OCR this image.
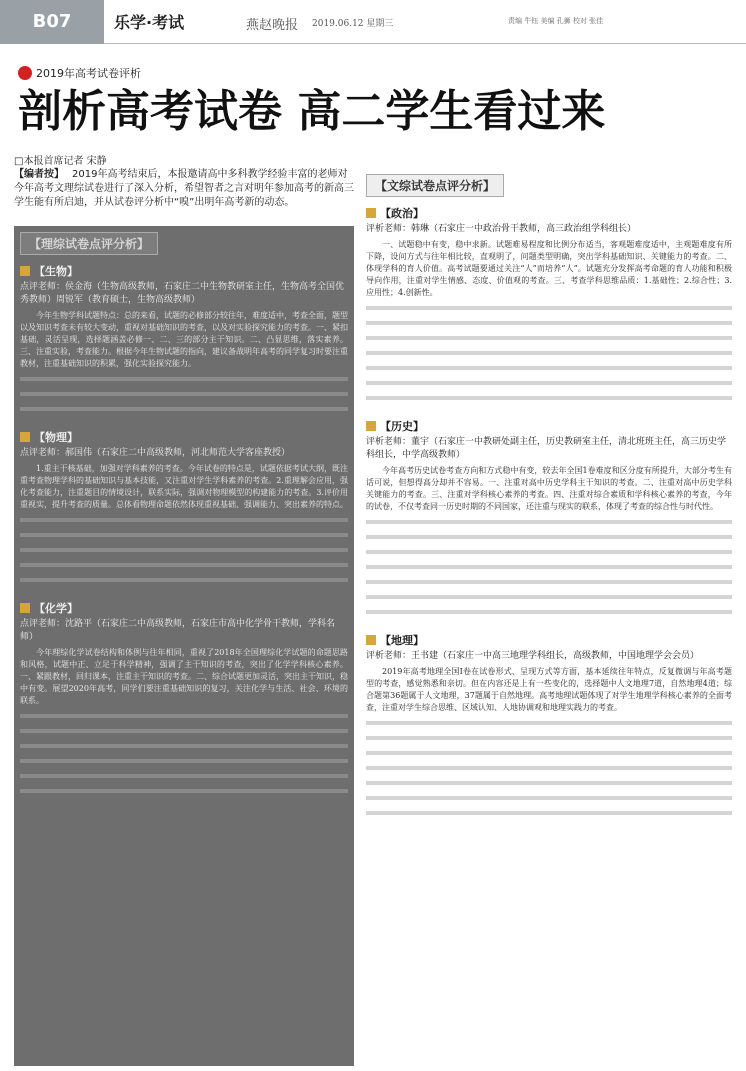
B07	乐学·考试	燕赵晚报 2019.06.12 星期三	责编 牛钰 美编 孔狮 校对 张佳
2019年高考试卷评析
剖析高考试卷 高二学生看过来
□本报首席记者 宋静
【编者按】 2019年高考结束后，本报邀请高中多科教学经验丰富的老师对今年高考文理综试卷进行了深入分析，希望智者之言对明年参加高考的新高三学生能有所启迪，并从试卷评分析中“嗅”出明年高考新的动态。
【理综试卷点评分析】
【生物】
点评老师：侯金海（生物高级教师，石家庄二中生物教研室主任，生物高考全国优秀教师）周锐军（教育硕士，生物高级教师）

今年生物学科试题特点：总的来看，试题的必修部分较往年，难度适中，考查全面，题型以及知识考查未有较大变动，重视对基础知识的考查，以及对实验探究能力的考查。一、紧扣基础，灵活呈现，选择题涵盖必修一、二、三的部分主干知识。二、凸显思维，落实素养。三、注重实验，考查能力。根据今年生物试题的指向，建议备战明年高考的同学复习时要注重教材，注重基础知识的积累，强化实验探究能力。

【物理】
点评老师：郝国伟（石家庄二中高级教师，河北师范大学客座教授）

1.重主干核基础，加强对学科素养的考查。今年试卷的特点是，试题依据考试大纲，既注重考查物理学科的基础知识与基本技能，又注重对学生学科素养的考查。2.重理解会应用，强化考查能力，注重题目的情境设计，联系实际，强调对物理模型的构建能力的考查。3.评价用重视实，提升考查的质量。总体看物理命题依然体现重视基础、强调能力、突出素养的特点。

【化学】
点评老师：沈路平（石家庄二中高级教师，石家庄市高中化学骨干教师，学科名师）

今年理综化学试卷结构和体例与往年相同，重视了2018年全国理综化学试题的命题思路和风格，试题中正、立足于科学精神，强调了主干知识的考查，突出了化学学科核心素养。一、紧跟教材，回归课本，注重主干知识的考查。二、综合试题更加灵活，突出主干知识，稳中有变。展望2020年高考，同学们要注重基础知识的复习，关注化学与生活、社会、环境的联系。

【文综试卷点评分析】
【政治】
评析老师：韩琳（石家庄一中政治骨干教师，高三政治组学科组长）

一、试题稳中有变，稳中求新。试题难易程度和比例分布适当，客观题难度适中，主观题难度有所下降，设问方式与往年相比较，直观明了，问题类型明确，突出学科基础知识、关键能力的考查。二、体现学科的育人价值。高考试题要通过关注“人”而培养“人”。试题充分发挥高考命题的育人功能和积极导向作用，注重对学生情感、态度、价值观的考查。三、考查学科思维品质：1.基础性；2.综合性；3.应用性；4.创新性。

【历史】
评析老师：董宇（石家庄一中教研处副主任，历史教研室主任，清北班班主任，高三历史学科组长，中学高级教师）

今年高考历史试卷考查方向和方式稳中有变，较去年全国1卷难度和区分度有所提升，大部分考生有话可说，但想得高分却并不容易。一、注重对高中历史学科主干知识的考查。二、注重对高中历史学科关键能力的考查。三、注重对学科核心素养的考查。四、注重对综合素质和学科核心素养的考查，今年的试卷，不仅考查同一历史时期的不同国家，还注重与现实的联系，体现了考查的综合性与时代性。

【地理】
评析老师：王书建（石家庄一中高三地理学科组长，高级教师，中国地理学会会员）

2019年高考地理全国Ⅰ卷在试卷形式、呈现方式等方面，基本延续往年特点，反复微调与年高考题型的考查，感觉熟悉和亲切。但在内容还是上有一些变化的，选择题中人文地理7道，自然地理4道；综合题第36题属于人文地理，37题属于自然地理。高考地理试题体现了对学生地理学科核心素养的全面考查，注重对学生综合思维、区域认知、人地协调观和地理实践力的考查。
